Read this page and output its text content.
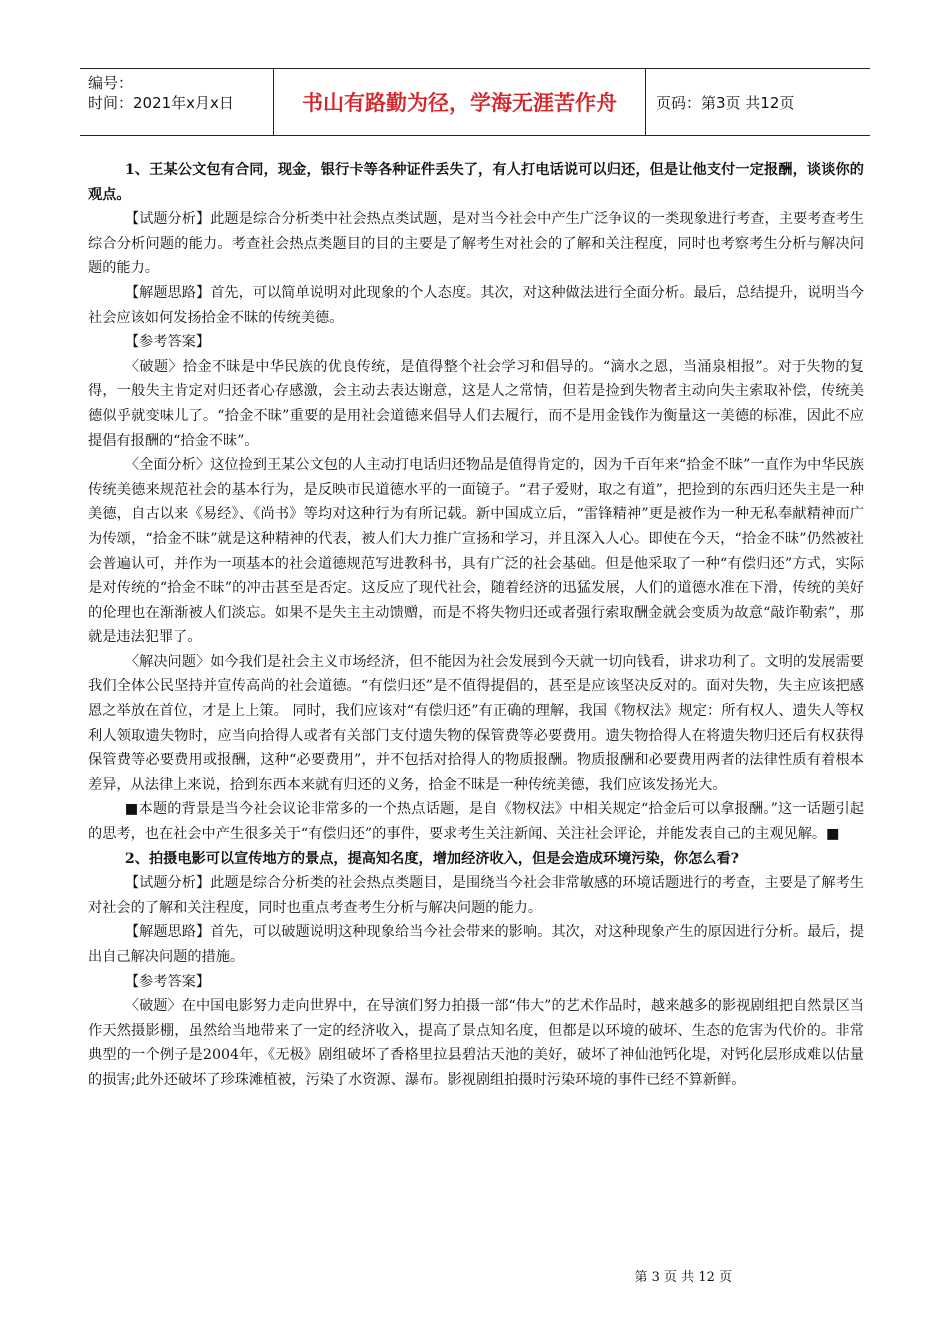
编号：
时间：2021年x月x日	书山有路勤为径，学海无涯苦作舟	页码：第3页 共12页

1、王某公文包有合同，现金，银行卡等各种证件丢失了，有人打电话说可以归还，但是让他支付一定报酬，谈谈你的观点。

【试题分析】此题是综合分析类中社会热点类试题，是对当今社会中产生广泛争议的一类现象进行考查，主要考查考生综合分析问题的能力。考查社会热点类题目的目的主要是了解考生对社会的了解和关注程度，同时也考察考生分析与解决问题的能力。

【解题思路】首先，可以简单说明对此现象的个人态度。其次，对这种做法进行全面分析。最后，总结提升，说明当今社会应该如何发扬拾金不昧的传统美德。

【参考答案】

〈破题〉拾金不昧是中华民族的优良传统，是值得整个社会学习和倡导的。“滴水之恩，当涌泉相报”。对于失物的复得，一般失主肯定对归还者心存感激，会主动去表达谢意，这是人之常情，但若是捡到失物者主动向失主索取补偿，传统美德似乎就变味儿了。“拾金不昧”重要的是用社会道德来倡导人们去履行，而不是用金钱作为衡量这一美德的标准，因此不应提倡有报酬的“拾金不昧”。

〈全面分析〉这位捡到王某公文包的人主动打电话归还物品是值得肯定的，因为千百年来“拾金不昧”一直作为中华民族传统美德来规范社会的基本行为，是反映市民道德水平的一面镜子。“君子爱财，取之有道”，把捡到的东西归还失主是一种美德，自古以来《易经》、《尚书》等均对这种行为有所记载。新中国成立后，“雷锋精神”更是被作为一种无私奉献精神而广为传颂，“拾金不昧”就是这种精神的代表，被人们大力推广宣扬和学习，并且深入人心。即使在今天，“拾金不昧”仍然被社会普遍认可，并作为一项基本的社会道德规范写进教科书，具有广泛的社会基础。但是他采取了一种“有偿归还”方式，实际是对传统的“拾金不昧”的冲击甚至是否定。这反应了现代社会，随着经济的迅猛发展，人们的道德水准在下滑，传统的美好的伦理也在渐渐被人们淡忘。如果不是失主主动馈赠，而是不将失物归还或者强行索取酬金就会变质为故意“敲诈勒索”，那就是违法犯罪了。

〈解决问题〉如今我们是社会主义市场经济，但不能因为社会发展到今天就一切向钱看，讲求功利了。文明的发展需要我们全体公民坚持并宣传高尚的社会道德。“有偿归还”是不值得提倡的，甚至是应该坚决反对的。面对失物，失主应该把感恩之举放在首位，才是上上策。 同时，我们应该对“有偿归还”有正确的理解，我国《物权法》规定：所有权人、遗失人等权利人领取遗失物时，应当向拾得人或者有关部门支付遗失物的保管费等必要费用。遗失物拾得人在将遗失物归还后有权获得保管费等必要费用或报酬，这种“必要费用”，并不包括对拾得人的物质报酬。物质报酬和必要费用两者的法律性质有着根本差异，从法律上来说，拾到东西本来就有归还的义务，拾金不昧是一种传统美德，我们应该发扬光大。

■本题的背景是当今社会议论非常多的一个热点话题，是自《物权法》中相关规定“拾金后可以拿报酬。”这一话题引起的思考，也在社会中产生很多关于“有偿归还”的事件，要求考生关注新闻、关注社会评论，并能发表自己的主观见解。■

2、拍摄电影可以宣传地方的景点，提高知名度，增加经济收入，但是会造成环境污染，你怎么看?

【试题分析】此题是综合分析类的社会热点类题目，是围绕当今社会非常敏感的环境话题进行的考查，主要是了解考生对社会的了解和关注程度，同时也重点考查考生分析与解决问题的能力。

【解题思路】首先，可以破题说明这种现象给当今社会带来的影响。其次，对这种现象产生的原因进行分析。最后，提出自己解决问题的措施。

【参考答案】

〈破题〉在中国电影努力走向世界中，在导演们努力拍摄一部“伟大”的艺术作品时，越来越多的影视剧组把自然景区当作天然摄影棚，虽然给当地带来了一定的经济收入，提高了景点知名度，但都是以环境的破坏、生态的危害为代价的。非常典型的一个例子是2004年，《无极》剧组破坏了香格里拉县碧沽天池的美好，破坏了神仙池钙化堤，对钙化层形成难以估量的损害;此外还破坏了珍珠滩植被，污染了水资源、瀑布。影视剧组拍摄时污染环境的事件已经不算新鲜。

第 3 页 共 12 页
